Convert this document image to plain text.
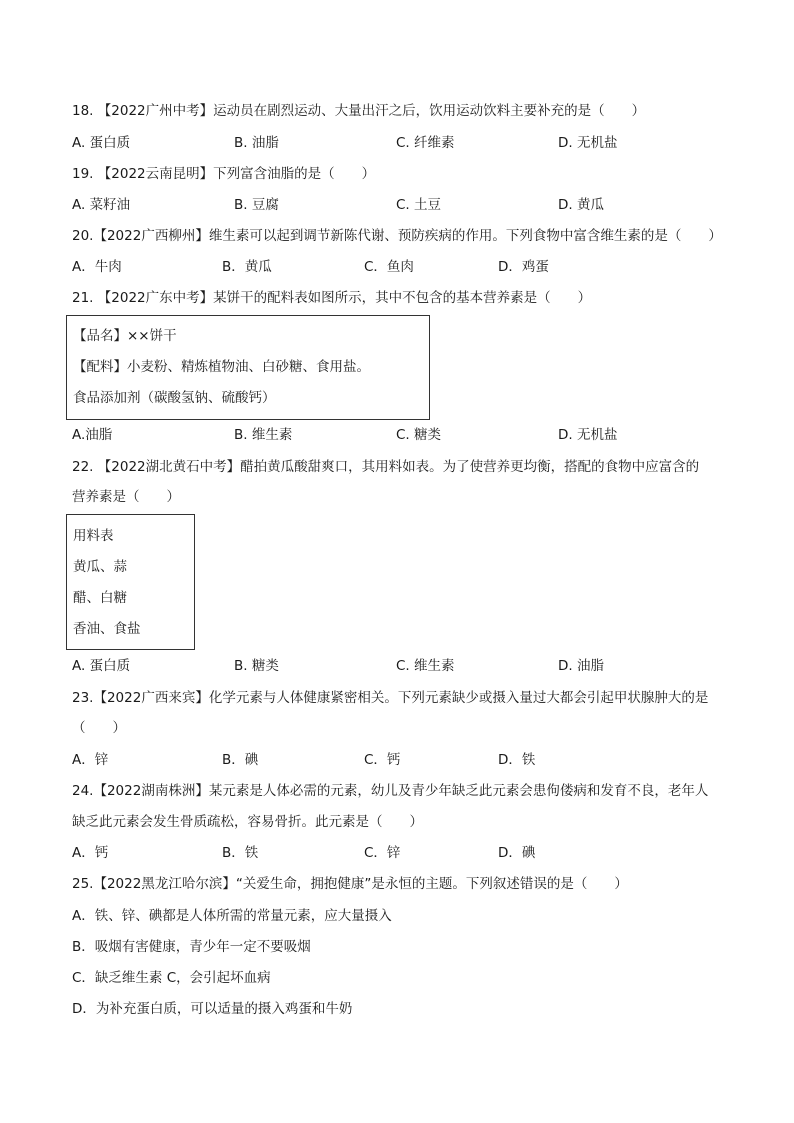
18. 【2022广州中考】运动员在剧烈运动、大量出汗之后，饮用运动饮料主要补充的是（　　）
A. 蛋白质	B. 油脂	C. 纤维素	D. 无机盐
19. 【2022云南昆明】下列富含油脂的是（　　）
A. 菜籽油	B. 豆腐	C. 土豆	D. 黄瓜
20.【2022广西柳州】维生素可以起到调节新陈代谢、预防疾病的作用。下列食物中富含维生素的是（　　）
A．牛肉	B．黄瓜	C．鱼肉	D．鸡蛋
21. 【2022广东中考】某饼干的配料表如图所示，其中不包含的基本营养素是（　　）
【品名】××饼干
【配料】小麦粉、精炼植物油、白砂糖、食用盐。
食品添加剂（碳酸氢钠、硫酸钙）
A.油脂	B. 维生素	C. 糖类	D. 无机盐
22. 【2022湖北黄石中考】醋拍黄瓜酸甜爽口，其用料如表。为了使营养更均衡，搭配的食物中应富含的
营养素是（　　）
用料表
黄瓜、蒜
醋、白糖
香油、食盐
A. 蛋白质	B. 糖类	C. 维生素	D. 油脂
23.【2022广西来宾】化学元素与人体健康紧密相关。下列元素缺少或摄入量过大都会引起甲状腺肿大的是
（　　）
A．锌	B．碘	C．钙	D．铁
24.【2022湖南株洲】某元素是人体必需的元素，幼儿及青少年缺乏此元素会患佝偻病和发育不良，老年人
缺乏此元素会发生骨质疏松，容易骨折。此元素是（　　）
A．钙	B．铁	C．锌	D．碘
25.【2022黑龙江哈尔滨】“关爱生命，拥抱健康”是永恒的主题。下列叙述错误的是（　　）
A．铁、锌、碘都是人体所需的常量元素，应大量摄入
B．吸烟有害健康，青少年一定不要吸烟
C．缺乏维生素 C，会引起坏血病
D．为补充蛋白质，可以适量的摄入鸡蛋和牛奶
